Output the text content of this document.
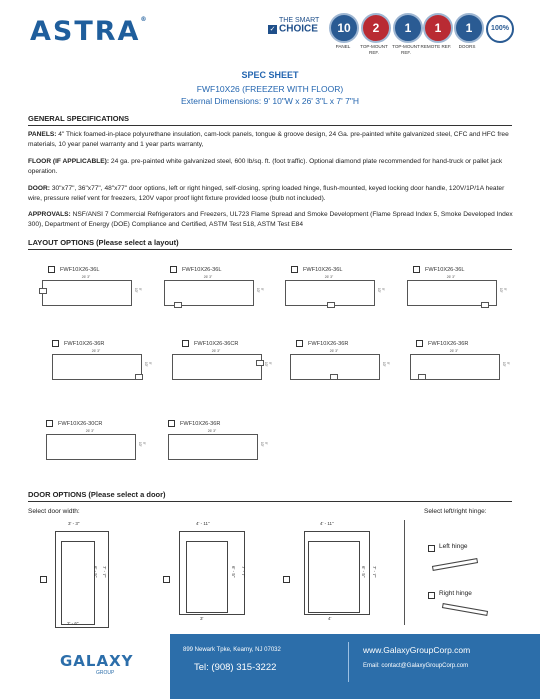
ASTRA®	THE SMART
✓ CHOICE	10	2	1	1	1
PANEL	TOP-MOUNT REF.
TOP-MOUNT REF.
REMOTE REF.	DOORS
100%
SPEC SHEET
FWF10X26 (FREEZER WITH FLOOR)
External Dimensions: 9' 10"W x 26' 3"L x 7' 7"H
GENERAL SPECIFICATIONS
PANELS: 4" Thick foamed-in-place polyurethane insulation, cam-lock panels, tongue & groove design, 24 Ga. pre-painted white galvanized steel, CFC and HFC free materials, 10 year panel warranty and 1 year parts warranty,
FLOOR (IF APPLICABLE): 24 ga. pre-painted white galvanized steel, 600 lb/sq. ft. (foot traffic). Optional diamond plate recommended for hand-truck or pallet jack operation.
DOOR: 30"x77", 36"x77", 48"x77" door options, left or right hinged, self-closing, spring loaded hinge, flush-mounted, keyed locking door handle, 120V/1P/1A heater wire, pressure relief vent for freezers, 120V vapor proof light fixture provided loose (bulb not included).
APPROVALS: NSF/ANSI 7 Commercial Refrigerators and Freezers, UL723 Flame Spread and Smoke Development (Flame Spread Index 5, Smoke Developed Index 300), Department of Energy (DOE) Compliance and Certified, ASTM Test 518, ASTM Test E84
LAYOUT OPTIONS (Please select a layout)
FWF10X26-36L
26' 3"
9' 10"
FWF10X26-36L
26' 3"
9' 10"
FWF10X26-36L
26' 3"
9' 10"
FWF10X26-36L
26' 3"
9' 10"
FWF10X26-36R
26' 3"
9' 10"
FWF10X26-36CR
26' 3"
9' 10"
FWF10X26-36R
26' 3"
9' 10"
FWF10X26-36R
26' 3"
9' 10"
FWF10X26-30CR
26' 3"
9' 10"
FWF10X26-36R
26' 3"
9' 10"
DOOR OPTIONS (Please select a door)
Select door width:	Select left/right hinge:
3' - 3"
6' - 5" 7' - 7"
2' - 6"
4' - 11"
6' - 5" 7' - 7"
3'
4' - 11"
6' - 5" 7' - 7"
4'
Left hinge
Right hinge
GALAXY
GROUP
899 Newark Tpke, Kearny, NJ 07032
Tel: (908) 315-3222
www.GalaxyGroupCorp.com
Email: contact@GalaxyGroupCorp.com
